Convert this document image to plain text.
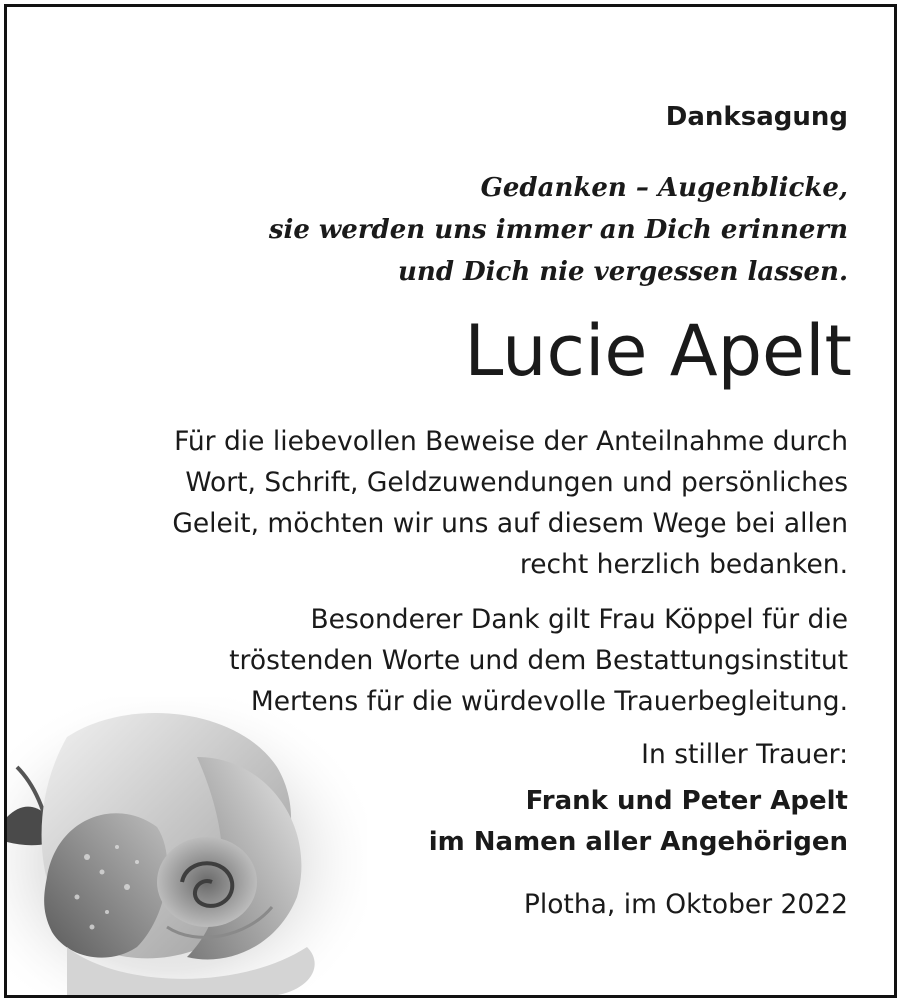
Danksagung
Gedanken – Augenblicke,
sie werden uns immer an Dich erinnern
und Dich nie vergessen lassen.
Lucie Apelt
Für die liebevollen Beweise der Anteilnahme durch
Wort, Schrift, Geldzuwendungen und persönliches
Geleit, möchten wir uns auf diesem Wege bei allen
recht herzlich bedanken.
Besonderer Dank gilt Frau Köppel für die
tröstenden Worte und dem Bestattungsinstitut
Mertens für die würdevolle Trauerbegleitung.
In stiller Trauer:
Frank und Peter Apelt
im Namen aller Angehörigen
Plotha, im Oktober 2022
